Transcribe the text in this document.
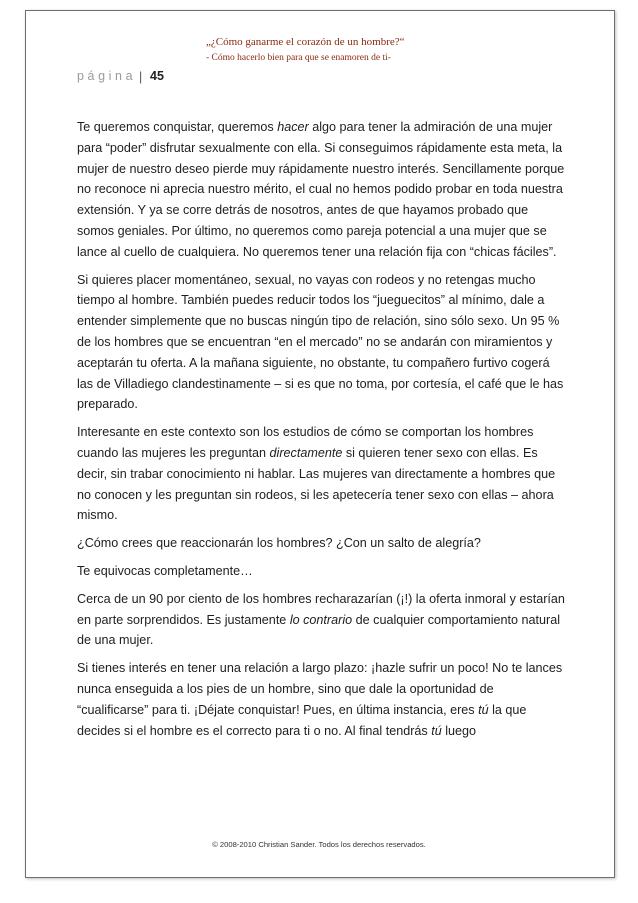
„¿Cómo ganarme el corazón de un hombre?“
- Cómo hacerlo bien para que se enamoren de ti-
página | 45

Te queremos conquistar, queremos hacer algo para tener la admiración de una mujer para “poder” disfrutar sexualmente con ella. Si conseguimos rápidamente esta meta, la mujer de nuestro deseo pierde muy rápidamente nuestro interés. Sencillamente porque no reconoce ni aprecia nuestro mérito, el cual no hemos podido probar en toda nuestra extensión. Y ya se corre detrás de nosotros, antes de que hayamos probado que somos geniales. Por último, no queremos como pareja potencial a una mujer que se lance al cuello de cualquiera. No queremos tener una relación fija con “chicas fáciles”.

Si quieres placer momentáneo, sexual, no vayas con rodeos y no retengas mucho tiempo al hombre. También puedes reducir todos los “jueguecitos” al mínimo, dale a entender simplemente que no buscas ningún tipo de relación, sino sólo sexo. Un 95 % de los hombres que se encuentran “en el mercado” no se andarán con miramientos y aceptarán tu oferta. A la mañana siguiente, no obstante, tu compañero furtivo cogerá las de Villadiego clandestinamente – si es que no toma, por cortesía, el café que le has preparado.

Interesante en este contexto son los estudios de cómo se comportan los hombres cuando las mujeres les preguntan directamente si quieren tener sexo con ellas. Es decir, sin trabar conocimiento ni hablar. Las mujeres van directamente a hombres que no conocen y les preguntan sin rodeos, si les apetecería tener sexo con ellas – ahora mismo.

¿Cómo crees que reaccionarán los hombres? ¿Con un salto de alegría?

Te equivocas completamente…

Cerca de un 90 por ciento de los hombres recharazarían (¡!) la oferta inmoral y estarían en parte sorprendidos. Es justamente lo contrario de cualquier comportamiento natural de una mujer.

Si tienes interés en tener una relación a largo plazo: ¡hazle sufrir un poco! No te lances nunca enseguida a los pies de un hombre, sino que dale la oportunidad de “cualificarse” para ti. ¡Déjate conquistar! Pues, en última instancia, eres tú la que decides si el hombre es el correcto para ti o no. Al final tendrás tú luego

© 2008-2010 Christian Sander. Todos los derechos reservados.
